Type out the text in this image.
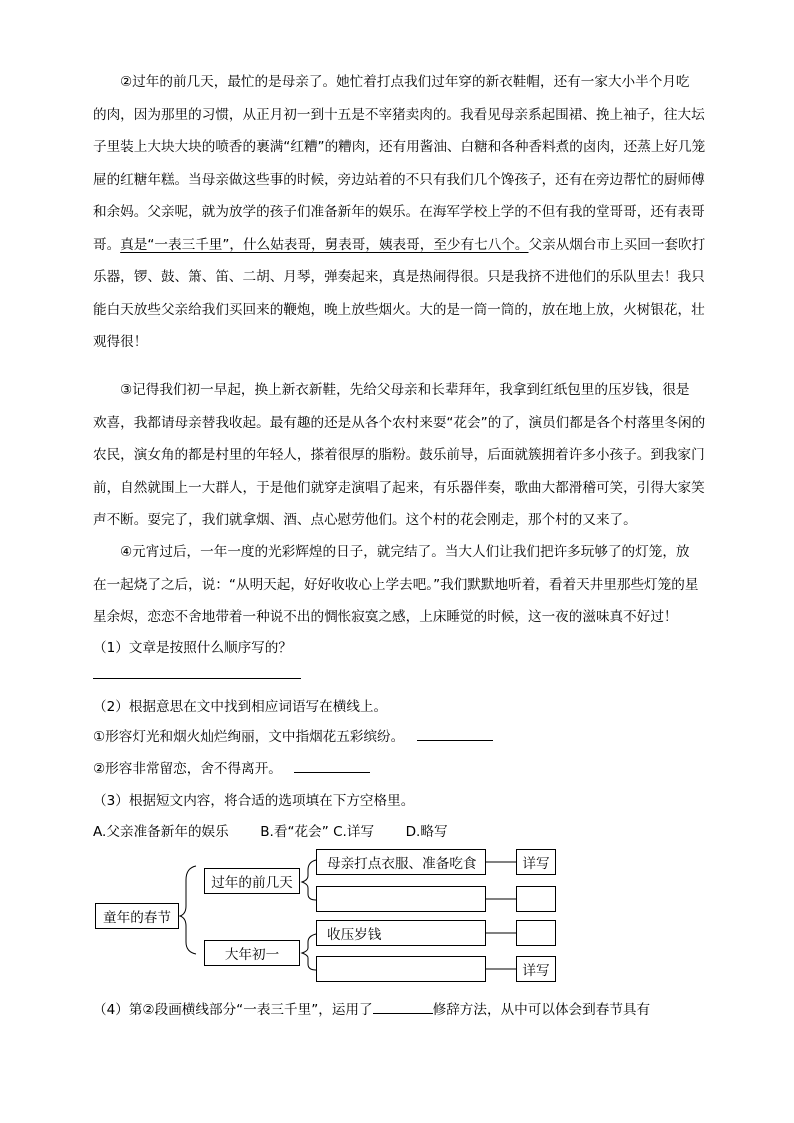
②过年的前几天，最忙的是母亲了。她忙着打点我们过年穿的新衣鞋帽，还有一家大小半个月吃
的肉，因为那里的习惯，从正月初一到十五是不宰猪卖肉的。我看见母亲系起围裙、挽上袖子，往大坛
子里装上大块大块的喷香的裹满“红糟”的糟肉，还有用酱油、白糖和各种香料煮的卤肉，还蒸上好几笼
屉的红糖年糕。当母亲做这些事的时候，旁边站着的不只有我们几个馋孩子，还有在旁边帮忙的厨师傅
和余妈。父亲呢，就为放学的孩子们准备新年的娱乐。在海军学校上学的不但有我的堂哥哥，还有表哥
哥。真是“一表三千里”，什么姑表哥，舅表哥，姨表哥，至少有七八个。父亲从烟台市上买回一套吹打
乐器，锣、鼓、箫、笛、二胡、月琴，弹奏起来，真是热闹得很。只是我挤不进他们的乐队里去！我只
能白天放些父亲给我们买回来的鞭炮，晚上放些烟火。大的是一筒一筒的，放在地上放，火树银花，壮
观得很！
③记得我们初一早起，换上新衣新鞋，先给父母亲和长辈拜年，我拿到红纸包里的压岁钱，很是
欢喜，我都请母亲替我收起。最有趣的还是从各个农村来耍“花会”的了，演员们都是各个村落里冬闲的
农民，演女角的都是村里的年轻人，搽着很厚的脂粉。鼓乐前导，后面就簇拥着许多小孩子。到我家门
前，自然就围上一大群人，于是他们就穿走演唱了起来，有乐器伴奏，歌曲大都滑稽可笑，引得大家笑
声不断。耍完了，我们就拿烟、酒、点心慰劳他们。这个村的花会刚走，那个村的又来了。
④元宵过后，一年一度的光彩辉煌的日子，就完结了。当大人们让我们把许多玩够了的灯笼，放
在一起烧了之后，说：“从明天起，好好收收心上学去吧。”我们默默地听着，看着天井里那些灯笼的星
星余烬，恋恋不舍地带着一种说不出的惆怅寂寞之感，上床睡觉的时候，这一夜的滋味真不好过！

（1）文章是按照什么顺序写的？

（2）根据意思在文中找到相应词语写在横线上。

①形容灯光和烟火灿烂绚丽，文中指烟花五彩缤纷。

②形容非常留恋，舍不得离开。

（3）根据短文内容，将合适的选项填在下方空格里。

A.父亲准备新年的娱乐　　 B.看“花会” C.详写　　 D.略写

童年的春节
过年的前几天
大年初一
母亲打点衣服、准备吃食
收压岁钱
详写
详写

（4）第②段画横线部分“一表三千里”，运用了	修辞方法，从中可以体会到春节具有
